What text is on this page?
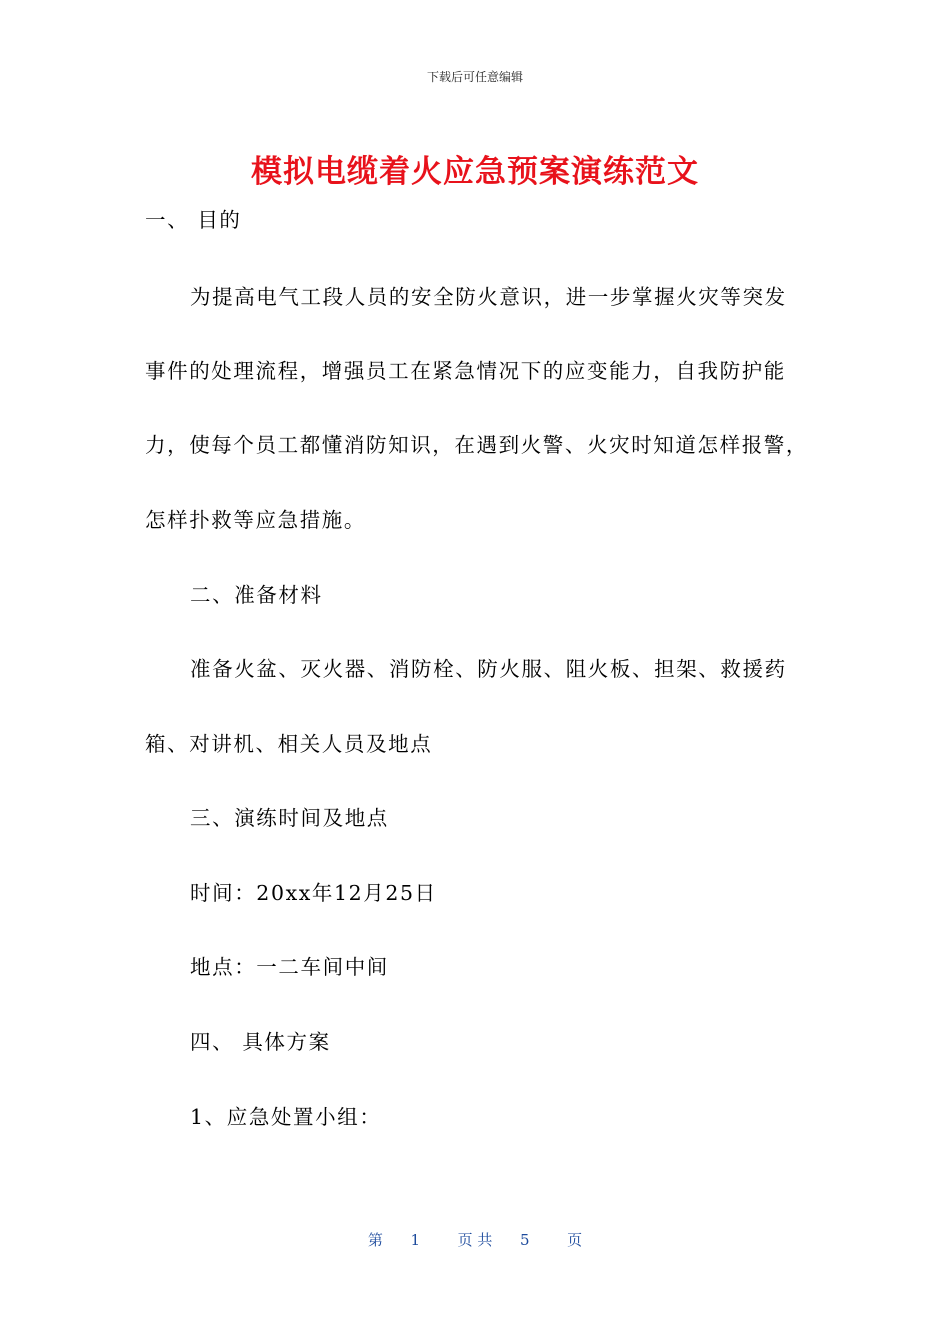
下载后可任意编辑
模拟电缆着火应急预案演练范文
一、 目的
为提高电气工段人员的安全防火意识，进一步掌握火灾等突发
事件的处理流程，增强员工在紧急情况下的应变能力，自我防护能
力，使每个员工都懂消防知识，在遇到火警、火灾时知道怎样报警，
怎样扑救等应急措施。
二、准备材料
准备火盆、灭火器、消防栓、防火服、阻火板、担架、救援药
箱、对讲机、相关人员及地点
三、演练时间及地点
时间：20xx年12月25日
地点：一二车间中间
四、 具体方案
1、应急处置小组：
第 1	页 共 5	页
